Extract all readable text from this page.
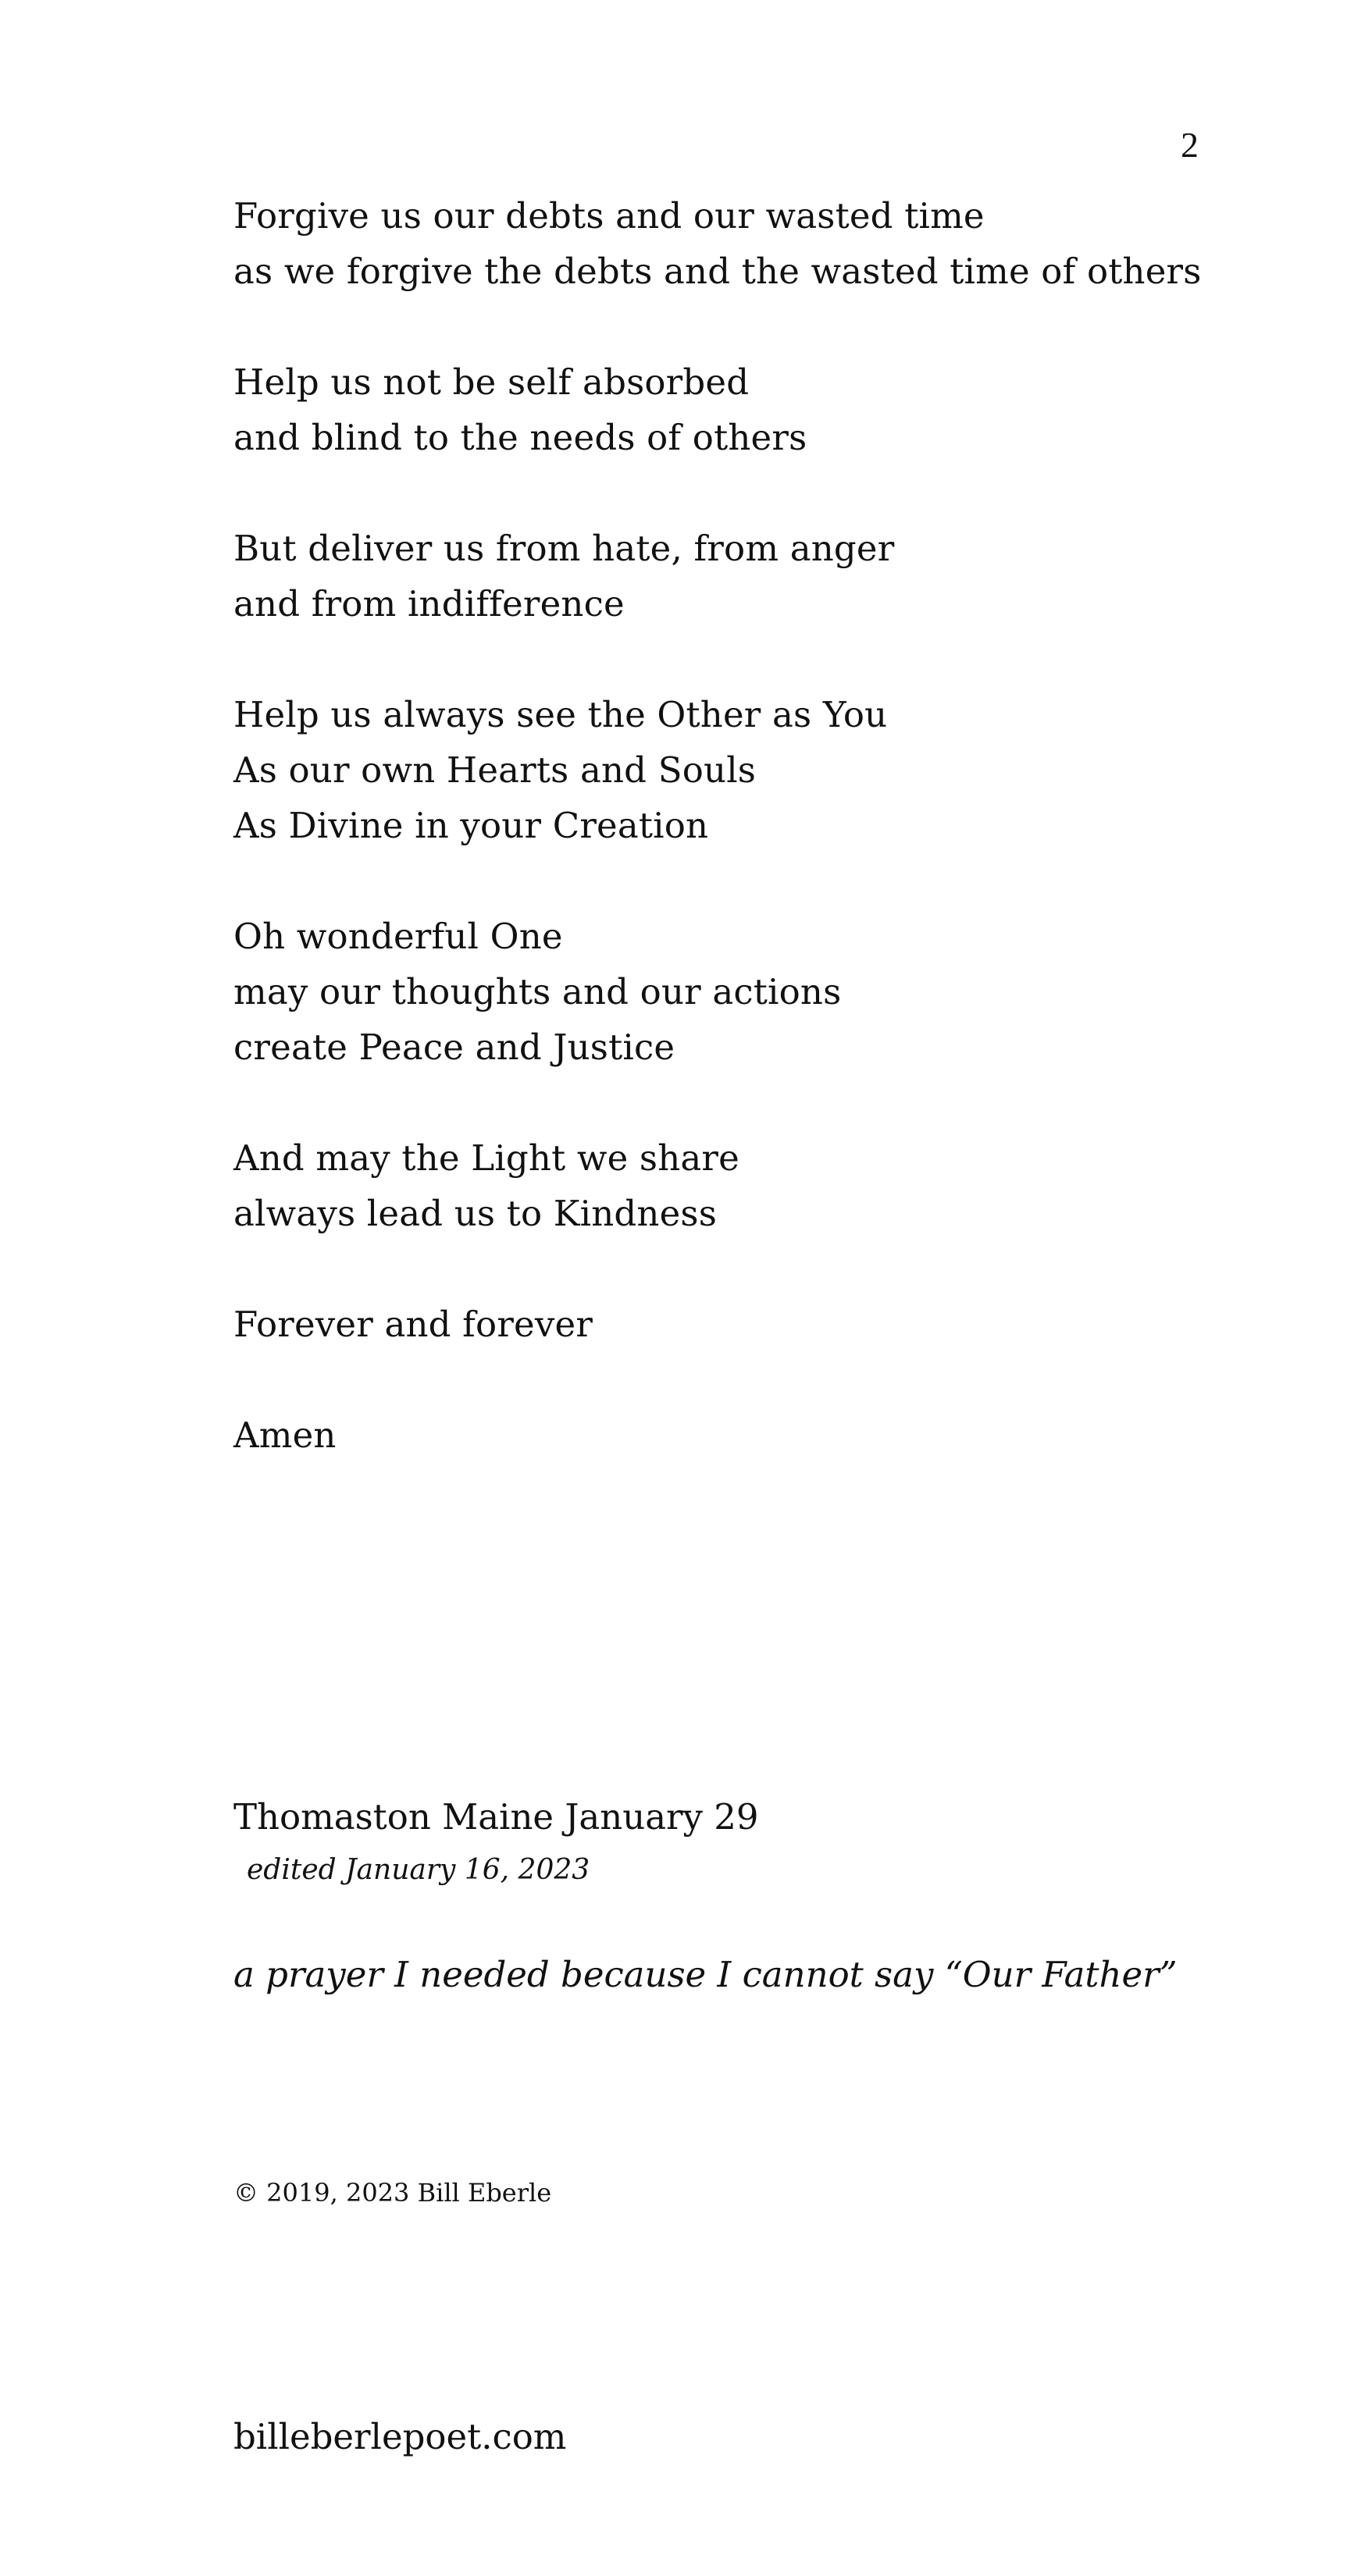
2
Forgive us our debts and our wasted time
as we forgive the debts and the wasted time of others
Help us not be self absorbed
and blind to the needs of others
But deliver us from hate, from anger
and from indifference
Help us always see the Other as You
As our own Hearts and Souls
As Divine in your Creation
Oh wonderful One
may our thoughts and our actions
create Peace and Justice
And may the Light we share
always lead us to Kindness
Forever and forever
Amen
Thomaston Maine January 29
edited January 16, 2023
a prayer I needed because I cannot say “Our Father”
© 2019, 2023 Bill Eberle
billeberlepoet.com
